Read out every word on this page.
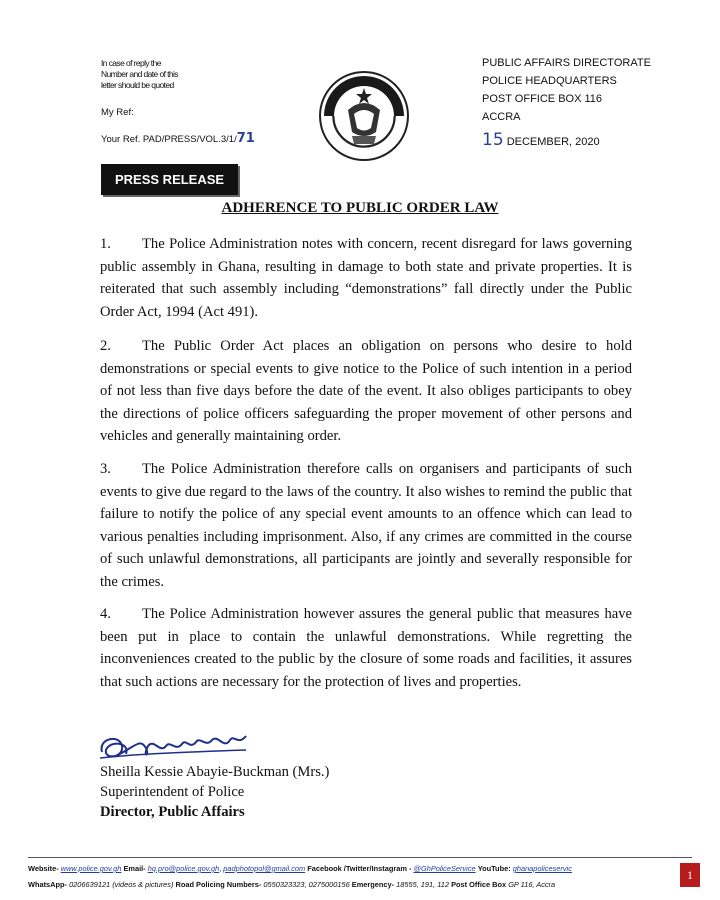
In case of reply the
Number and date of this
letter should be quoted
My Ref:
Your Ref. PAD/PRESS/VOL.3/1/71
PUBLIC AFFAIRS DIRECTORATE
POLICE HEADQUARTERS
POST OFFICE BOX 116
ACCRA
15 DECEMBER, 2020
PRESS RELEASE
ADHERENCE TO PUBLIC ORDER LAW
1. The Police Administration notes with concern, recent disregard for laws governing public assembly in Ghana, resulting in damage to both state and private properties. It is reiterated that such assembly including “demonstrations” fall directly under the Public Order Act, 1994 (Act 491).
2. The Public Order Act places an obligation on persons who desire to hold demonstrations or special events to give notice to the Police of such intention in a period of not less than five days before the date of the event. It also obliges participants to obey the directions of police officers safeguarding the proper movement of other persons and vehicles and generally maintaining order.
3. The Police Administration therefore calls on organisers and participants of such events to give due regard to the laws of the country. It also wishes to remind the public that failure to notify the police of any special event amounts to an offence which can lead to various penalties including imprisonment. Also, if any crimes are committed in the course of such unlawful demonstrations, all participants are jointly and severally responsible for the crimes.
4. The Police Administration however assures the general public that measures have been put in place to contain the unlawful demonstrations. While regretting the inconveniences created to the public by the closure of some roads and facilities, it assures that such actions are necessary for the protection of lives and properties.
Sheilla Kessie Abayie-Buckman (Mrs.)
Superintendent of Police
Director, Public Affairs
Website- www.police.gov.gh Email- hq.pro@police.gov.gh, padphotopol@gmail.com Facebook /Twitter/Instagram - @GhPoliceService YouTube: ghanapoliceservic
WhatsApp- 0206639121 (videos & pictures) Road Policing Numbers- 0550323323, 0275000156 Emergency- 18555, 191, 112 Post Office Box GP 116, Accra
1
